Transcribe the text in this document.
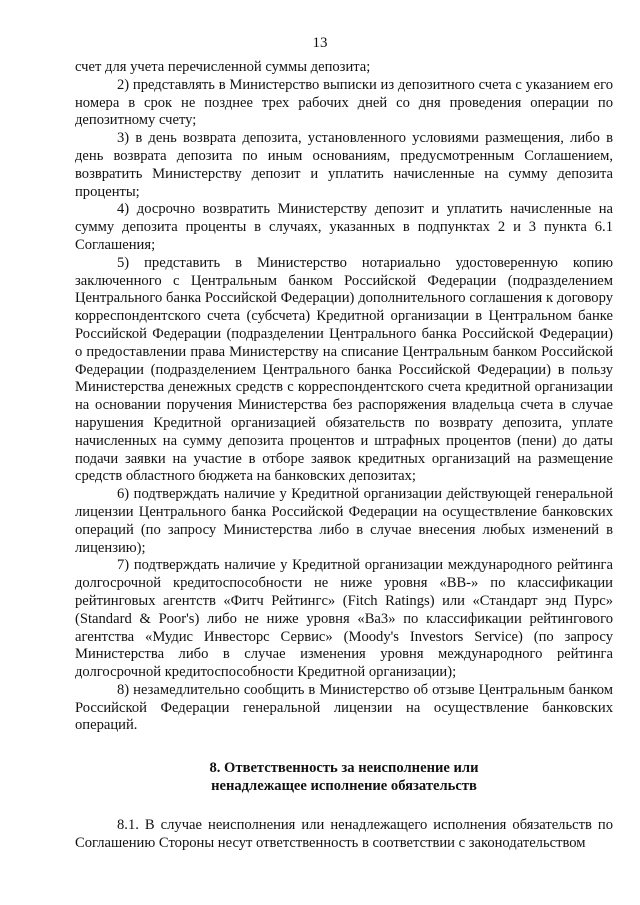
13

счет для учета перечисленной суммы депозита;

2) представлять в Министерство выписки из депозитного счета с указанием его номера в срок не позднее трех рабочих дней со дня проведения операции по депозитному счету;

3) в день возврата депозита, установленного условиями размещения, либо в день возврата депозита по иным основаниям, предусмотренным Соглашением, возвратить Министерству депозит и уплатить начисленные на сумму депозита проценты;

4) досрочно возвратить Министерству депозит и уплатить начисленные на сумму депозита проценты в случаях, указанных в подпунктах 2 и 3 пункта 6.1 Соглашения;

5) представить в Министерство нотариально удостоверенную копию заключенного с Центральным банком Российской Федерации (подразделением Центрального банка Российской Федерации) дополнительного соглашения к договору корреспондентского счета (субсчета) Кредитной организации в Центральном банке Российской Федерации (подразделении Центрального банка Российской Федерации) о предоставлении права Министерству на списание Центральным банком Российской Федерации (подразделением Центрального банка Российской Федерации) в пользу Министерства денежных средств с корреспондентского счета кредитной организации на основании поручения Министерства без распоряжения владельца счета в случае нарушения Кредитной организацией обязательств по возврату депозита, уплате начисленных на сумму депозита процентов и штрафных процентов (пени) до даты подачи заявки на участие в отборе заявок кредитных организаций на размещение средств областного бюджета на банковских депозитах;

6) подтверждать наличие у Кредитной организации действующей генеральной лицензии Центрального банка Российской Федерации на осуществление банковских операций (по запросу Министерства либо в случае внесения любых изменений в лицензию);

7) подтверждать наличие у Кредитной организации международного рейтинга долгосрочной кредитоспособности не ниже уровня «BB-» по классификации рейтинговых агентств «Фитч Рейтингс» (Fitch Ratings) или «Стандарт энд Пурс» (Standard & Poor's) либо не ниже уровня «Ba3» по классификации рейтингового агентства «Мудис Инвесторс Сервис» (Moody's Investors Service) (по запросу Министерства либо в случае изменения уровня международного рейтинга долгосрочной кредитоспособности Кредитной организации);

8) незамедлительно сообщить в Министерство об отзыве Центральным банком Российской Федерации генеральной лицензии на осуществление банковских операций.

8. Ответственность за неисполнение или

ненадлежащее исполнение обязательств

8.1. В случае неисполнения или ненадлежащего исполнения обязательств по Соглашению Стороны несут ответственность в соответствии с законодательством
